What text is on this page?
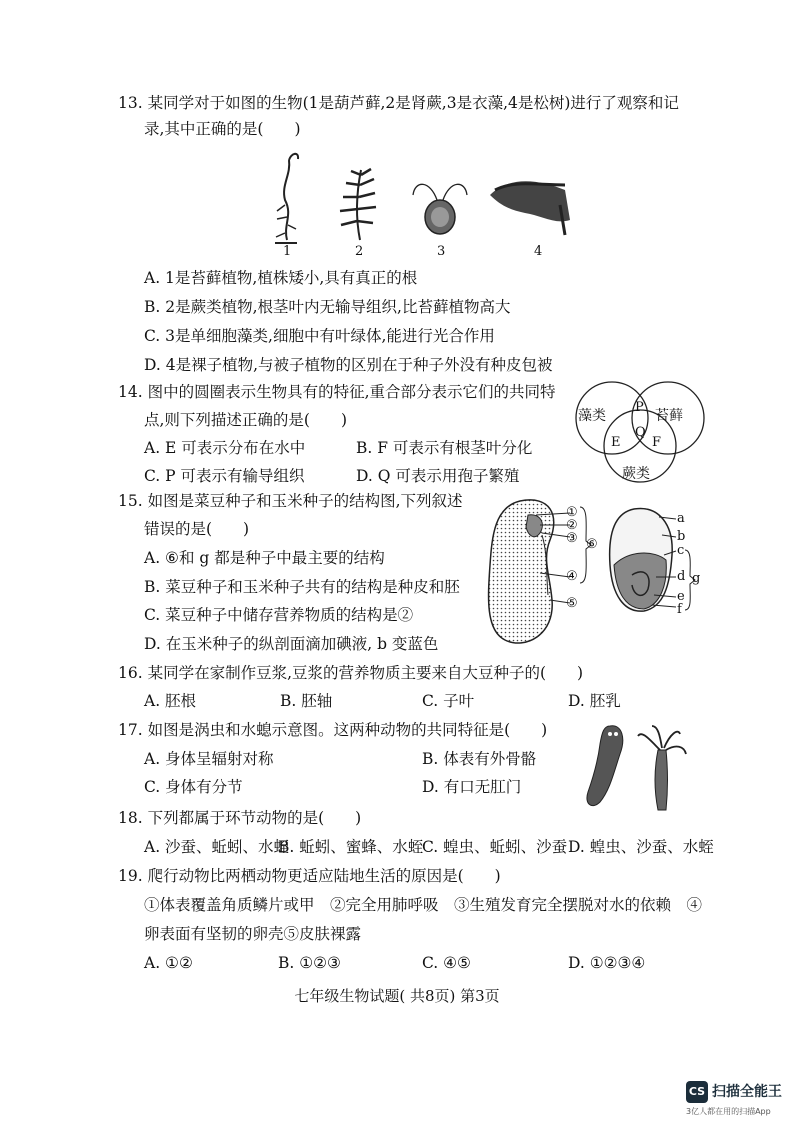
13. 某同学对于如图的生物(1是葫芦藓,2是肾蕨,3是衣藻,4是松树)进行了观察和记
录,其中正确的是(　　)
1	2	3	4
A. 1是苔藓植物,植株矮小,具有真正的根
B. 2是蕨类植物,根茎叶内无输导组织,比苔藓植物高大
C. 3是单细胞藻类,细胞中有叶绿体,能进行光合作用
D. 4是裸子植物,与被子植物的区别在于种子外没有种皮包被
14. 图中的圆圈表示生物具有的特征,重合部分表示它们的共同特
点,则下列描述正确的是(　　)
A. E 可表示分布在水中	B. F 可表示有根茎叶分化
C. P 可表示有输导组织	D. Q 可表示用孢子繁殖
藻类	苔藓
蕨类
P
Q
E F
15. 如图是菜豆种子和玉米种子的结构图,下列叙述
错误的是(　　)
A. ⑥和 g 都是种子中最主要的结构
B. 菜豆种子和玉米种子共有的结构是种皮和胚
C. 菜豆种子中储存营养物质的结构是②
D. 在玉米种子的纵剖面滴加碘液, b 变蓝色
①
②
③
④
⑤
⑥
a
b
c
d
e
f
g
16. 某同学在家制作豆浆,豆浆的营养物质主要来自大豆种子的(　　)
A. 胚根	B. 胚轴	C. 子叶	D. 胚乳
17. 如图是涡虫和水螅示意图。这两种动物的共同特征是(　　)
A. 身体呈辐射对称	B. 体表有外骨骼
C. 身体有分节	D. 有口无肛门
18. 下列都属于环节动物的是(　　)
A. 沙蚕、蚯蚓、水蛭
B. 蚯蚓、蜜蜂、水蛭
C. 蝗虫、蚯蚓、沙蚕 D. 蝗虫、沙蚕、水蛭
19. 爬行动物比两栖动物更适应陆地生活的原因是(　　)
①体表覆盖角质鳞片或甲　②完全用肺呼吸　③生殖发育完全摆脱对水的依赖　④
卵表面有坚韧的卵壳⑤皮肤裸露
A. ①②	B. ①②③	C. ④⑤	D. ①②③④
七年级生物试题( 共8页) 第3页
CS 扫描全能王
3亿人都在用的扫描App
